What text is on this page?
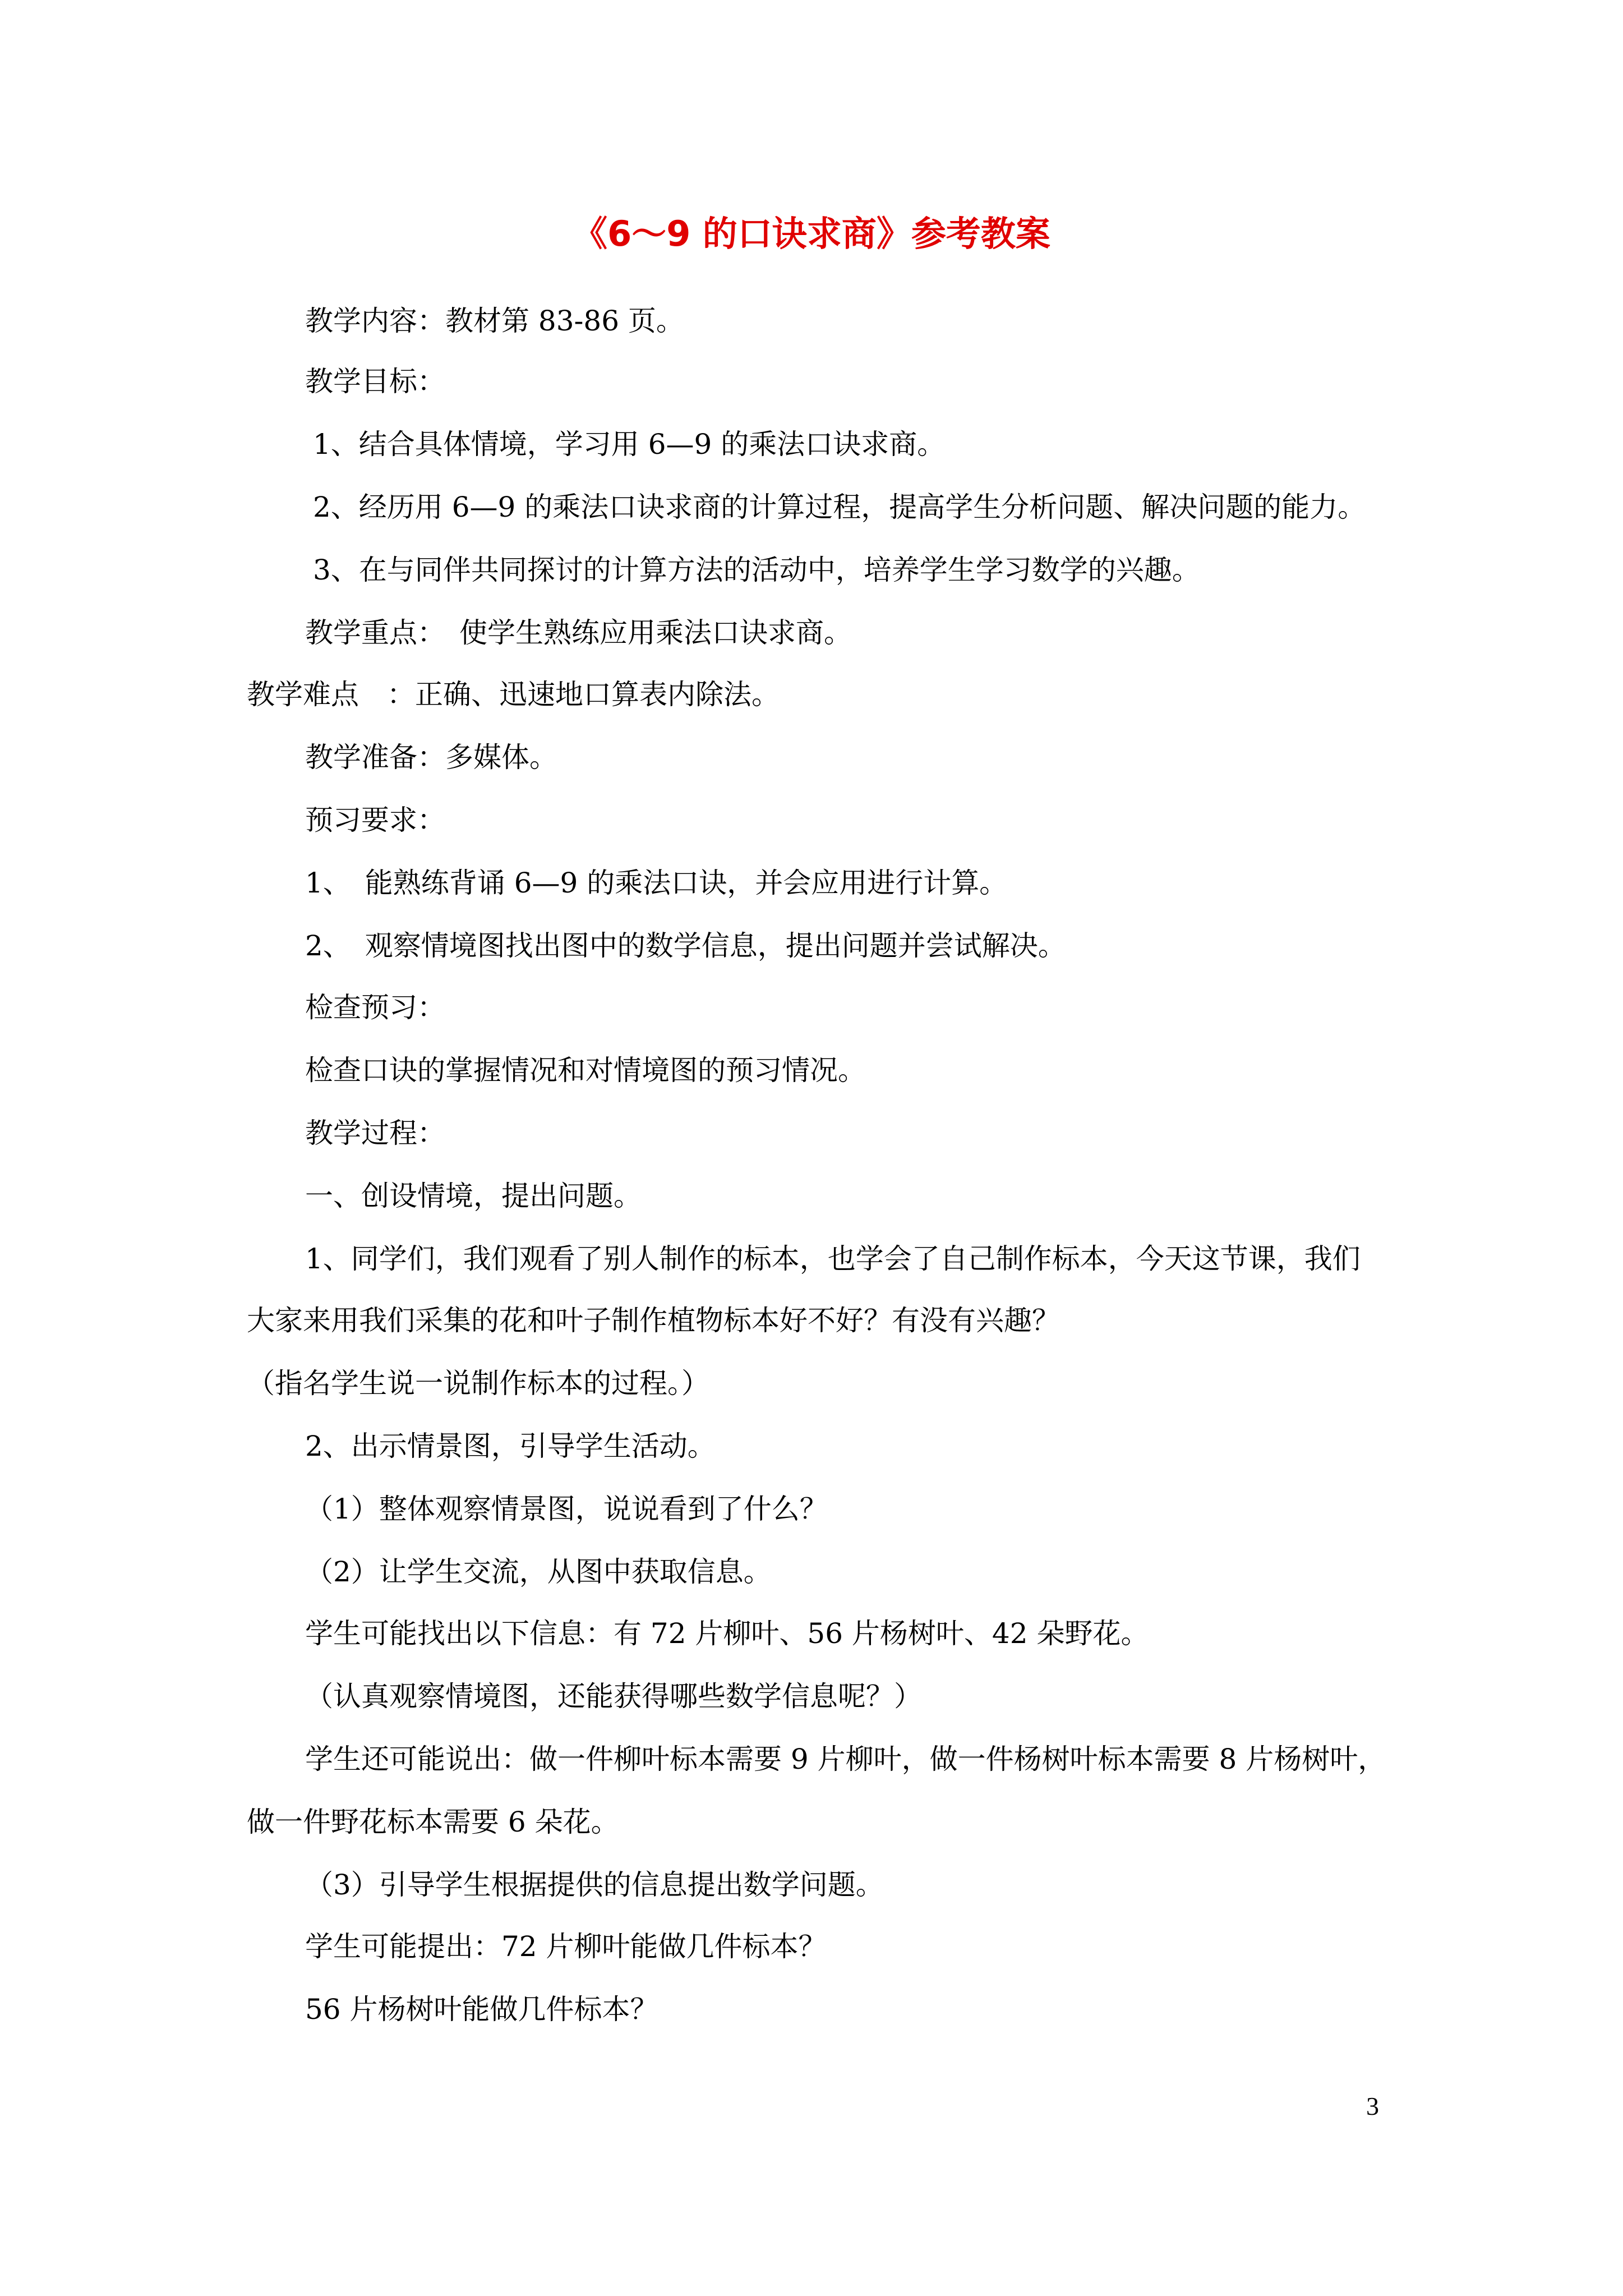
《6～9 的口诀求商》参考教案

教学内容：教材第 83-86 页。

教学目标：

1、结合具体情境，学习用 6—9 的乘法口诀求商。

2、经历用 6—9 的乘法口诀求商的计算过程，提高学生分析问题、解决问题的能力。

3、在与同伴共同探讨的计算方法的活动中，培养学生学习数学的兴趣。

教学重点：　使学生熟练应用乘法口诀求商。

教学难点　：正确、迅速地口算表内除法。

教学准备：多媒体。

预习要求：

1、　能熟练背诵 6—9 的乘法口诀，并会应用进行计算。

2、　观察情境图找出图中的数学信息，提出问题并尝试解决。

检查预习：

检查口诀的掌握情况和对情境图的预习情况。

教学过程：

一、创设情境，提出问题。

1、同学们，我们观看了别人制作的标本，也学会了自己制作标本，今天这节课，我们

大家来用我们采集的花和叶子制作植物标本好不好？有没有兴趣？

（指名学生说一说制作标本的过程。）

2、出示情景图，引导学生活动。

（1）整体观察情景图，说说看到了什么？

（2）让学生交流，从图中获取信息。

学生可能找出以下信息：有 72 片柳叶、56 片杨树叶、42 朵野花。

（认真观察情境图，还能获得哪些数学信息呢？）

学生还可能说出：做一件柳叶标本需要 9 片柳叶，做一件杨树叶标本需要 8 片杨树叶，

做一件野花标本需要 6 朵花。

（3）引导学生根据提供的信息提出数学问题。

学生可能提出：72 片柳叶能做几件标本？

56 片杨树叶能做几件标本？

3
